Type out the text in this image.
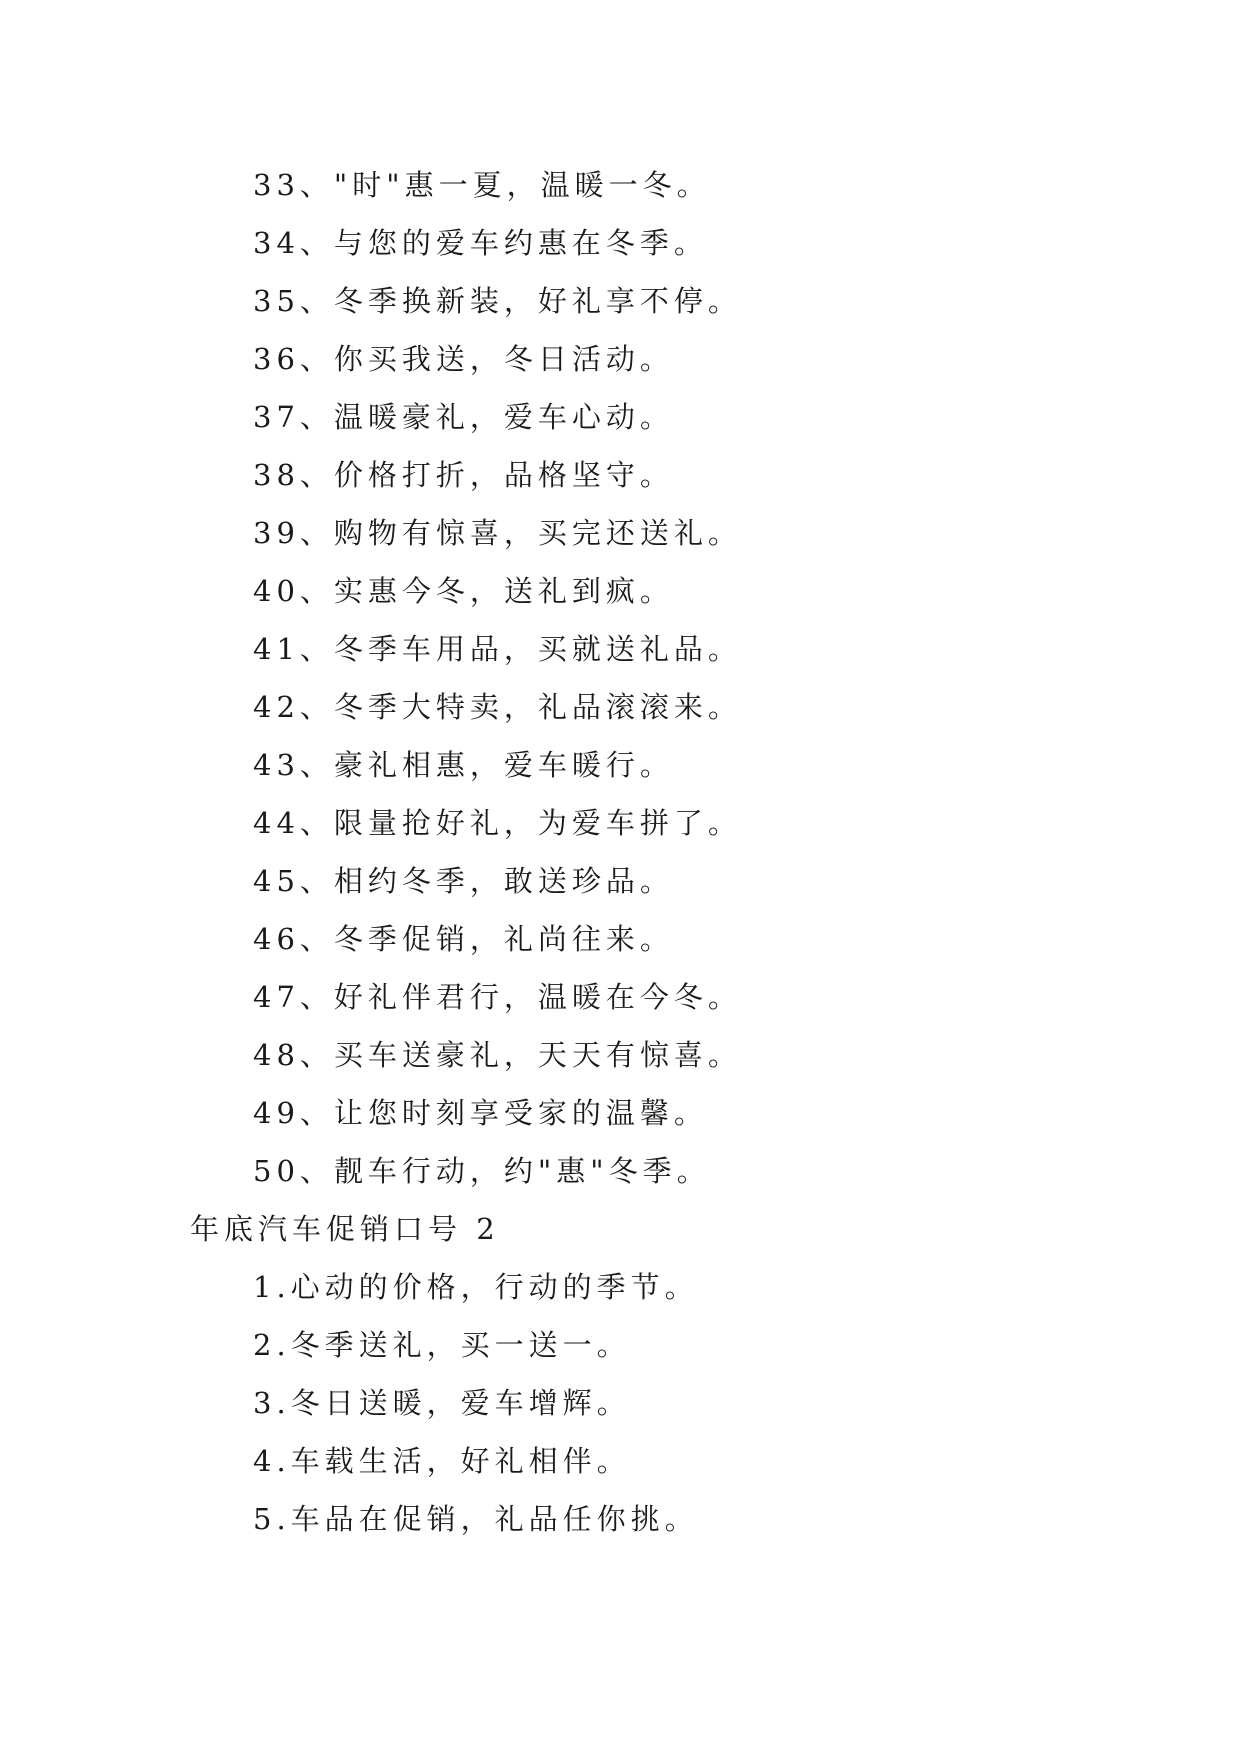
33、"时"惠一夏，温暖一冬。
34、与您的爱车约惠在冬季。
35、冬季换新装，好礼享不停。
36、你买我送，冬日活动。
37、温暖豪礼，爱车心动。
38、价格打折，品格坚守。
39、购物有惊喜，买完还送礼。
40、实惠今冬，送礼到疯。
41、冬季车用品，买就送礼品。
42、冬季大特卖，礼品滚滚来。
43、豪礼相惠，爱车暖行。
44、限量抢好礼，为爱车拼了。
45、相约冬季，敢送珍品。
46、冬季促销，礼尚往来。
47、好礼伴君行，温暖在今冬。
48、买车送豪礼，天天有惊喜。
49、让您时刻享受家的温馨。
50、靓车行动，约"惠"冬季。
年底汽车促销口号 2
1.心动的价格，行动的季节。
2.冬季送礼，买一送一。
3.冬日送暖，爱车增辉。
4.车载生活，好礼相伴。
5.车品在促销，礼品任你挑。
